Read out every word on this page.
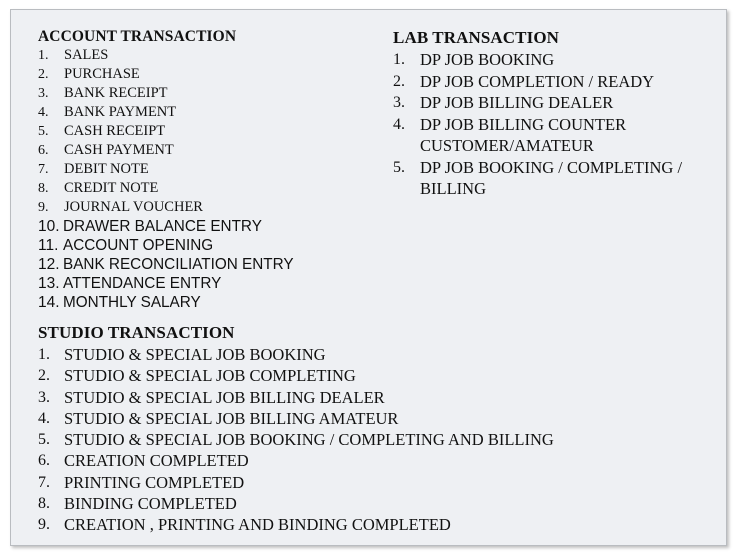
ACCOUNT TRANSACTION
1.	SALES
2.	PURCHASE
3.	BANK RECEIPT
4.	BANK PAYMENT
5.	CASH RECEIPT
6.	CASH PAYMENT
7.	DEBIT NOTE
8.	CREDIT NOTE
9.	JOURNAL VOUCHER
10. DRAWER BALANCE ENTRY
11. ACCOUNT OPENING
12. BANK RECONCILIATION ENTRY
13. ATTENDANCE ENTRY
14. MONTHLY SALARY
LAB TRANSACTION
1. DP JOB BOOKING
2. DP JOB COMPLETION / READY
3. DP JOB BILLING DEALER
4. DP JOB BILLING COUNTER CUSTOMER/AMATEUR
5. DP JOB BOOKING / COMPLETING / BILLING
STUDIO TRANSACTION
1. STUDIO & SPECIAL JOB BOOKING
2. STUDIO & SPECIAL JOB COMPLETING
3. STUDIO & SPECIAL JOB BILLING DEALER
4. STUDIO & SPECIAL JOB BILLING AMATEUR
5. STUDIO & SPECIAL JOB BOOKING / COMPLETING AND BILLING
6. CREATION COMPLETED
7. PRINTING COMPLETED
8. BINDING COMPLETED
9. CREATION , PRINTING AND BINDING COMPLETED
